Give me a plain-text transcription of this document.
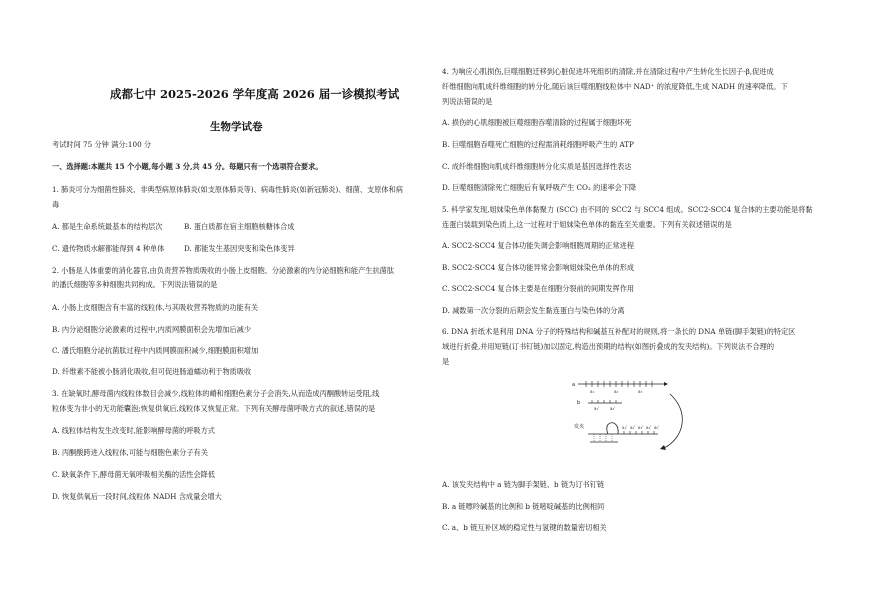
成都七中 2025-2026 学年度高 2026 届一诊模拟考试
生物学试卷
考试时间 75 分钟 满分:100 分
一、选择题:本题共 15 个小题,每小题 3 分,共 45 分。每题只有一个选项符合要求。
1. 肺炎可分为细菌性肺炎、非典型病原体肺炎(如支原体肺炎等)、病毒性肺炎(如新冠肺炎)、细菌、支原体和病
毒
A. 都是生命系统最基本的结构层次	B. 蛋白质都在宿主细胞核糖体合成
C. 遗传物质水解都能得到 4 种单体	D. 都能发生基因突变和染色体变异
2. 小肠是人体重要的消化器官,由负责营养物质吸收的小肠上皮细胞、分泌激素的内分泌细胞和能产生抗菌肽
的潘氏细胞等多种细胞共同构成。下列说法错误的是
A. 小肠上皮细胞含有丰富的线粒体,与其吸收营养物质的功能有关
B. 内分泌细胞分泌激素的过程中,内质网膜面积会先增加后减少
C. 潘氏细胞分泌抗菌肽过程中内质网膜面积减少,细胞膜面积增加
D. 纤维素不能被小肠消化吸收,但可促进肠道蠕动利于物质吸收
3. 在缺氧时,酵母菌内线粒体数目会减少,线粒体的嵴和细胞色素分子会消失,从而造成丙酮酸转运受阻,线
粒体变为非小的无功能囊泡;恢复供氧后,线粒体又恢复正常。下列有关酵母菌呼吸方式的叙述,错误的是
A. 线粒体结构发生改变时,能影响酵母菌的呼吸方式
B. 丙酮酸跨进入线粒体,可能与细胞色素分子有关
C. 缺氧条件下,酵母菌无氧呼吸相关酶的活性会降低
D. 恢复供氧后一段时间,线粒体 NADH 含成量会增大
4. 为响应心肌损伤,巨噬细胞迁移到心脏促进坏死组织的清除,并在清除过程中产生转化生长因子-β,促进成
纤维细胞向肌成纤维细胞的转分化,随后该巨噬细胞线粒体中 NAD⁺ 的浓度降低,生成 NADH 的速率降低。下
列说法错误的是
A. 损伤的心肌细胞被巨噬细胞吞噬清除的过程属于细胞坏死
B. 巨噬细胞吞噬死亡细胞的过程需消耗细胞呼吸产生的 ATP
C. 成纤维细胞向肌成纤维细胞转分化实质是基因选择性表达
D. 巨噬细胞清除死亡细胞后有氧呼吸产生 CO₂ 的速率会下降
5. 科学家发现,姐妹染色单体黏聚力 (SCC) 由不同的 SCC2 与 SCC4 组成。SCC2-SCC4 复合体的主要功能是将黏
连蛋白装载到染色质上,这一过程对于姐妹染色单体的黏连至关重要。下列有关叙述错误的是
A. SCC2-SCC4 复合体功能失调会影响细胞周期的正常进程
B. SCC2-SCC4 复合体功能异常会影响姐妹染色单体的形成
C. SCC2-SCC4 复合体主要是在细胞分裂前的间期发挥作用
D. 减数第一次分裂的后期会发生黏连蛋白与染色体的分离
6. DNA 折纸术是利用 DNA 分子的特殊结构和碱基互补配对的规则,将一条长的 DNA 单链(脚手架链)的特定区
域进行折叠,并用短链(订书钉链)加以固定,构造出预期的结构(如图折叠成的发夹结构)。下列说法不合理的
是
a
x₁	x₂	x₃
b
x₁'	x₂'
发夹	x₁' x₂' x₃' x₄' x₅'
A. 该发夹结构中 a 链为脚手架链、b 链为订书钉链
B. a 链嘌呤碱基的比例和 b 链嘧啶碱基的比例相同
C. a、b 链互补区域的稳定性与氢键的数量密切相关
